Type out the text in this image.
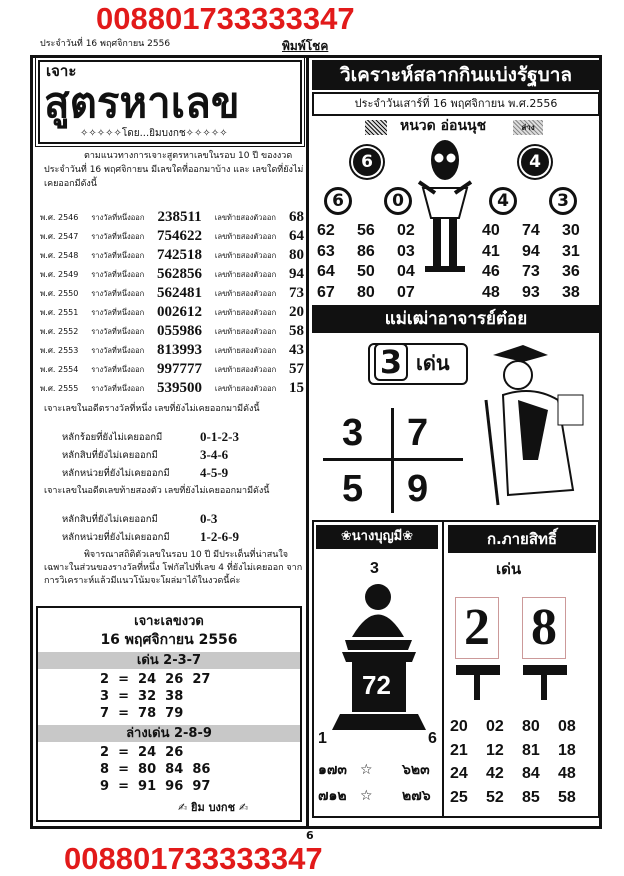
008801733333347
ประจำวันที่ 16 พฤศจิกายน 2556	พิมพ์โชค
เจาะ
สูตรหาเลข
✧✧✧✧✧โดย...ยิมบงกช✧✧✧✧✧
ตามแนวทางการเจาะสูตรหาเลขในรอบ 10 ปี ของงวดประจำวันที่ 16 พฤศจิกายน มีเลขใดที่ออกมาบ้าง และ เลขใดที่ยังไม่เคยออกมีดังนี้
พ.ศ. 2546 รางวัลที่หนึ่งออก 238511 เลขท้ายสองตัวออก 68
พ.ศ. 2547 รางวัลที่หนึ่งออก 754622 เลขท้ายสองตัวออก 64
พ.ศ. 2548 รางวัลที่หนึ่งออก 742518 เลขท้ายสองตัวออก 80
พ.ศ. 2549 รางวัลที่หนึ่งออก 562856 เลขท้ายสองตัวออก 94
พ.ศ. 2550 รางวัลที่หนึ่งออก 562481 เลขท้ายสองตัวออก 73
พ.ศ. 2551 รางวัลที่หนึ่งออก 002612 เลขท้ายสองตัวออก 20
พ.ศ. 2552 รางวัลที่หนึ่งออก 055986 เลขท้ายสองตัวออก 58
พ.ศ. 2553 รางวัลที่หนึ่งออก 813993 เลขท้ายสองตัวออก 43
พ.ศ. 2554 รางวัลที่หนึ่งออก 997777 เลขท้ายสองตัวออก 57
พ.ศ. 2555 รางวัลที่หนึ่งออก 539500 เลขท้ายสองตัวออก 15
เจาะเลขในอดีตรางวัลที่หนึ่ง เลขที่ยังไม่เคยออกมามีดังนี้
หลักร้อยที่ยังไม่เคยออกมี	0-1-2-3
หลักสิบที่ยังไม่เคยออกมี	3-4-6
หลักหน่วยที่ยังไม่เคยออกมี	4-5-9
เจาะเลขในอดีตเลขท้ายสองตัว เลขที่ยังไม่เคยออกมามีดังนี้
หลักสิบที่ยังไม่เคยออกมี	0-3
หลักหน่วยที่ยังไม่เคยออกมี	1-2-6-9
พิจารณาสถิติตัวเลขในรอบ 10 ปี มีประเด็นที่น่าสนใจเฉพาะในส่วนของรางวัลที่หนึ่ง โฟกัสไปที่เลข 4 ที่ยังไม่เคยออก จากการวิเคราะห์แล้วมีแนวโน้มจะโผล่มาได้ในงวดนี้ค่ะ
เจาะเลขงวด
16 พฤศจิกายน 2556
เด่น 2-3-7
2  =  24  26  27
3  =  32  38
7  =  78  79
ล่างเด่น 2-8-9
2  =  24  26
8  =  80  84  86
9  =  91  96  97
✍ ยิม บงกช ✍
วิเคราะห์สลากกินแบ่งรัฐบาล
ประจำวันเสาร์ที่ 16 พฤศจิกายน พ.ศ.2556
หนวด อ่อนนุช	ล่าง
6	4
6	0	4	3
62 56 02
63 86 03
64 50 04
67 80 07
40 74 30
41 94 31
46 73 36
48 93 38
แม่เฒ่าอาจารย์ต๋อย
3 เด่น
3 7
5 9
❀นางบุญมี❀
3
72
1	6
๑๗๓ ☆ ๖๒๓
๗๑๒ ☆ ๒๗๖
ก.ภายสิทธิ์
เด่น
2 8
20 02 80 08
21 12 81 18
24 42 84 48
25 52 85 58
6
008801733333347
